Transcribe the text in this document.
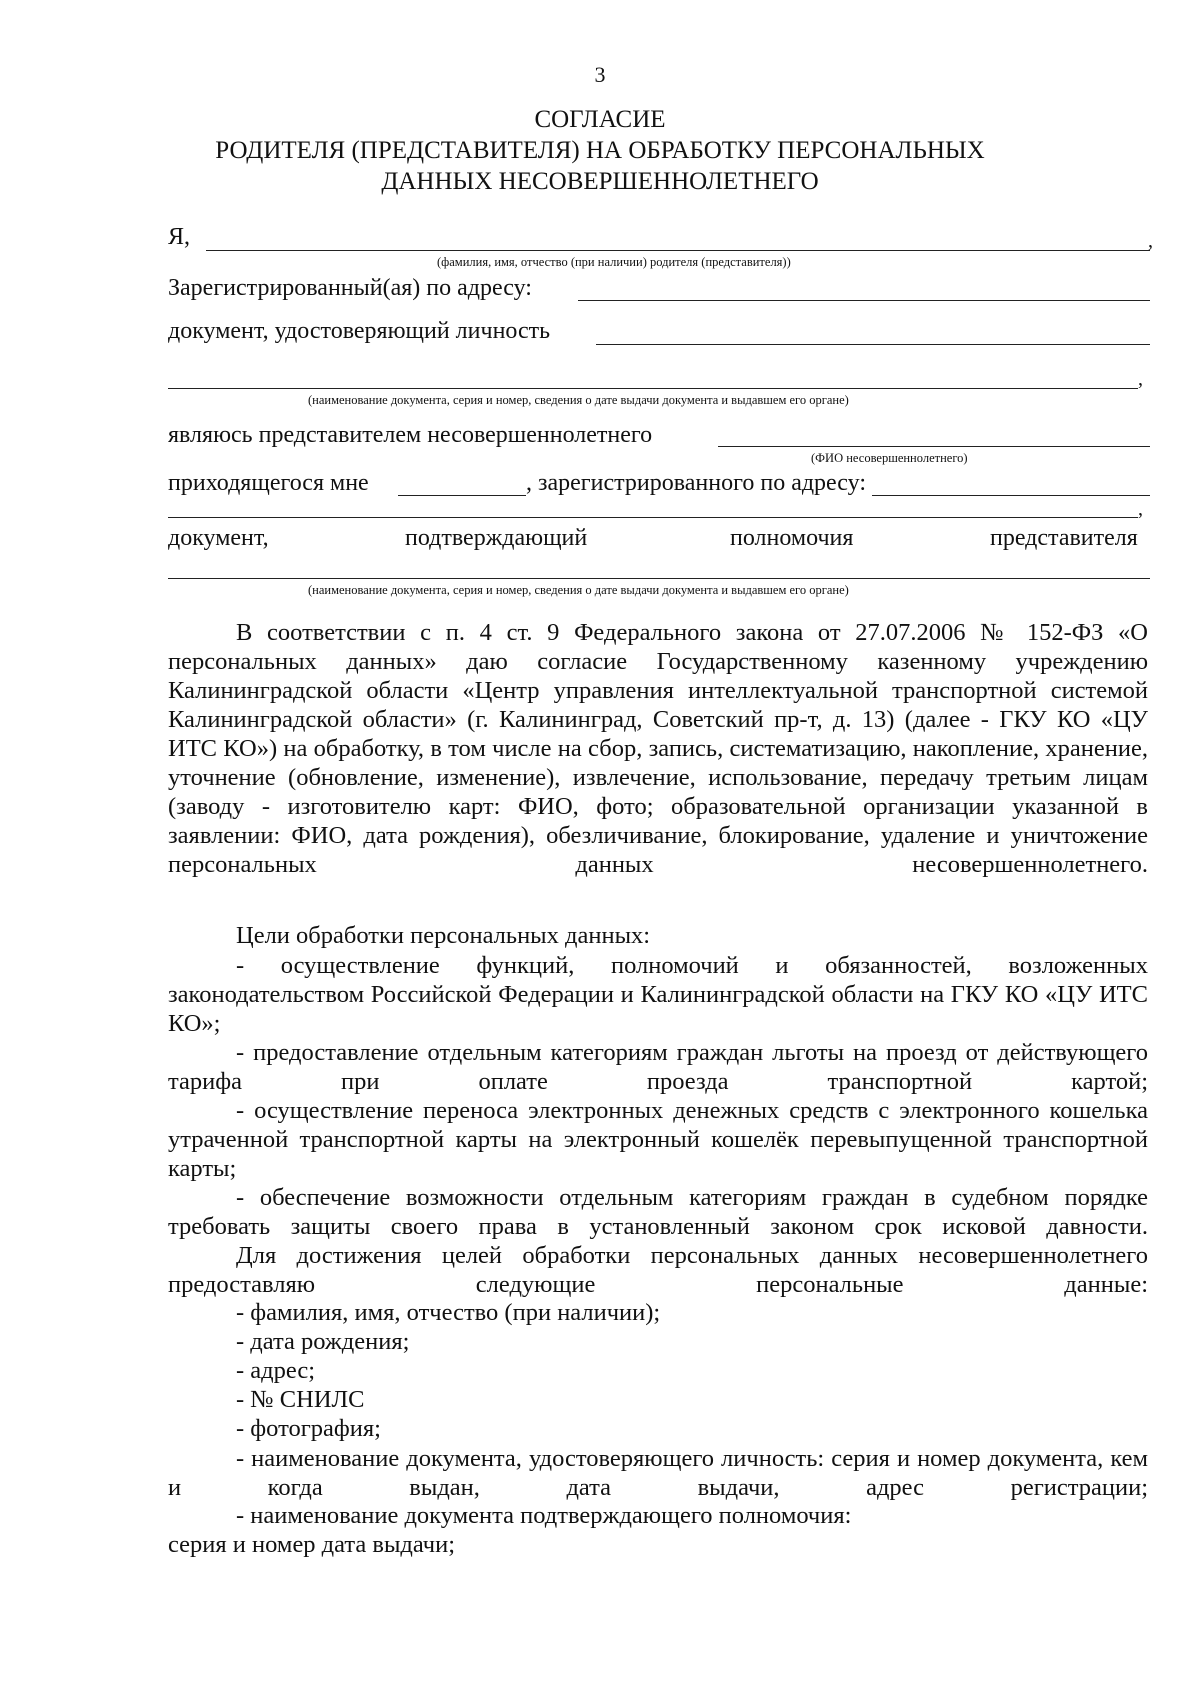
3
СОГЛАСИЕ
РОДИТЕЛЯ (ПРЕДСТАВИТЕЛЯ) НА ОБРАБОТКУ ПЕРСОНАЛЬНЫХ
ДАННЫХ НЕСОВЕРШЕННОЛЕТНЕГО
Я,	,
(фамилия, имя, отчество (при наличии) родителя (представителя))
Зарегистрированный(ая) по адресу:
документ, удостоверяющий личность
,
(наименование документа, серия и номер, сведения о дате выдачи документа и выдавшем его органе)
являюсь представителем несовершеннолетнего
(ФИО несовершеннолетнего)
приходящегося мне	, зарегистрированного по адресу:
,
документ,	подтверждающий	полномочия	представителя
(наименование документа, серия и номер, сведения о дате выдачи документа и выдавшем его органе)
В соответствии с п. 4 ст. 9 Федерального закона от 27.07.2006 № 152-ФЗ «О персональных данных» даю согласие Государственному казенному учреждению Калининградской области «Центр управления интеллектуальной транспортной системой Калининградской области» (г. Калининград, Советский пр-т, д. 13) (далее - ГКУ КО «ЦУ ИТС КО») на обработку, в том числе на сбор, запись, систематизацию, накопление, хранение, уточнение (обновление, изменение), извлечение, использование, передачу третьим лицам (заводу - изготовителю карт: ФИО, фото; образовательной организации указанной в заявлении: ФИО, дата рождения), обезличивание, блокирование, удаление и уничтожение персональных данных несовершеннолетнего.
Цели обработки персональных данных:
- осуществление функций, полномочий и обязанностей, возложенных законодательством Российской Федерации и Калининградской области на ГКУ КО «ЦУ ИТС КО»;
- предоставление отдельным категориям граждан льготы на проезд от действующего тарифа при оплате проезда транспортной картой;
- осуществление переноса электронных денежных средств с электронного кошелька утраченной транспортной карты на электронный кошелёк перевыпущенной транспортной карты;
- обеспечение возможности отдельным категориям граждан в судебном порядке требовать защиты своего права в установленный законом срок исковой давности.
Для достижения целей обработки персональных данных несовершеннолетнего предоставляю следующие персональные данные:
- фамилия, имя, отчество (при наличии);
- дата рождения;
- адрес;
- № СНИЛС
- фотография;
- наименование документа, удостоверяющего личность: серия и номер документа, кем и когда выдан, дата выдачи, адрес регистрации;
- наименование документа подтверждающего полномочия:
серия и номер дата выдачи;
